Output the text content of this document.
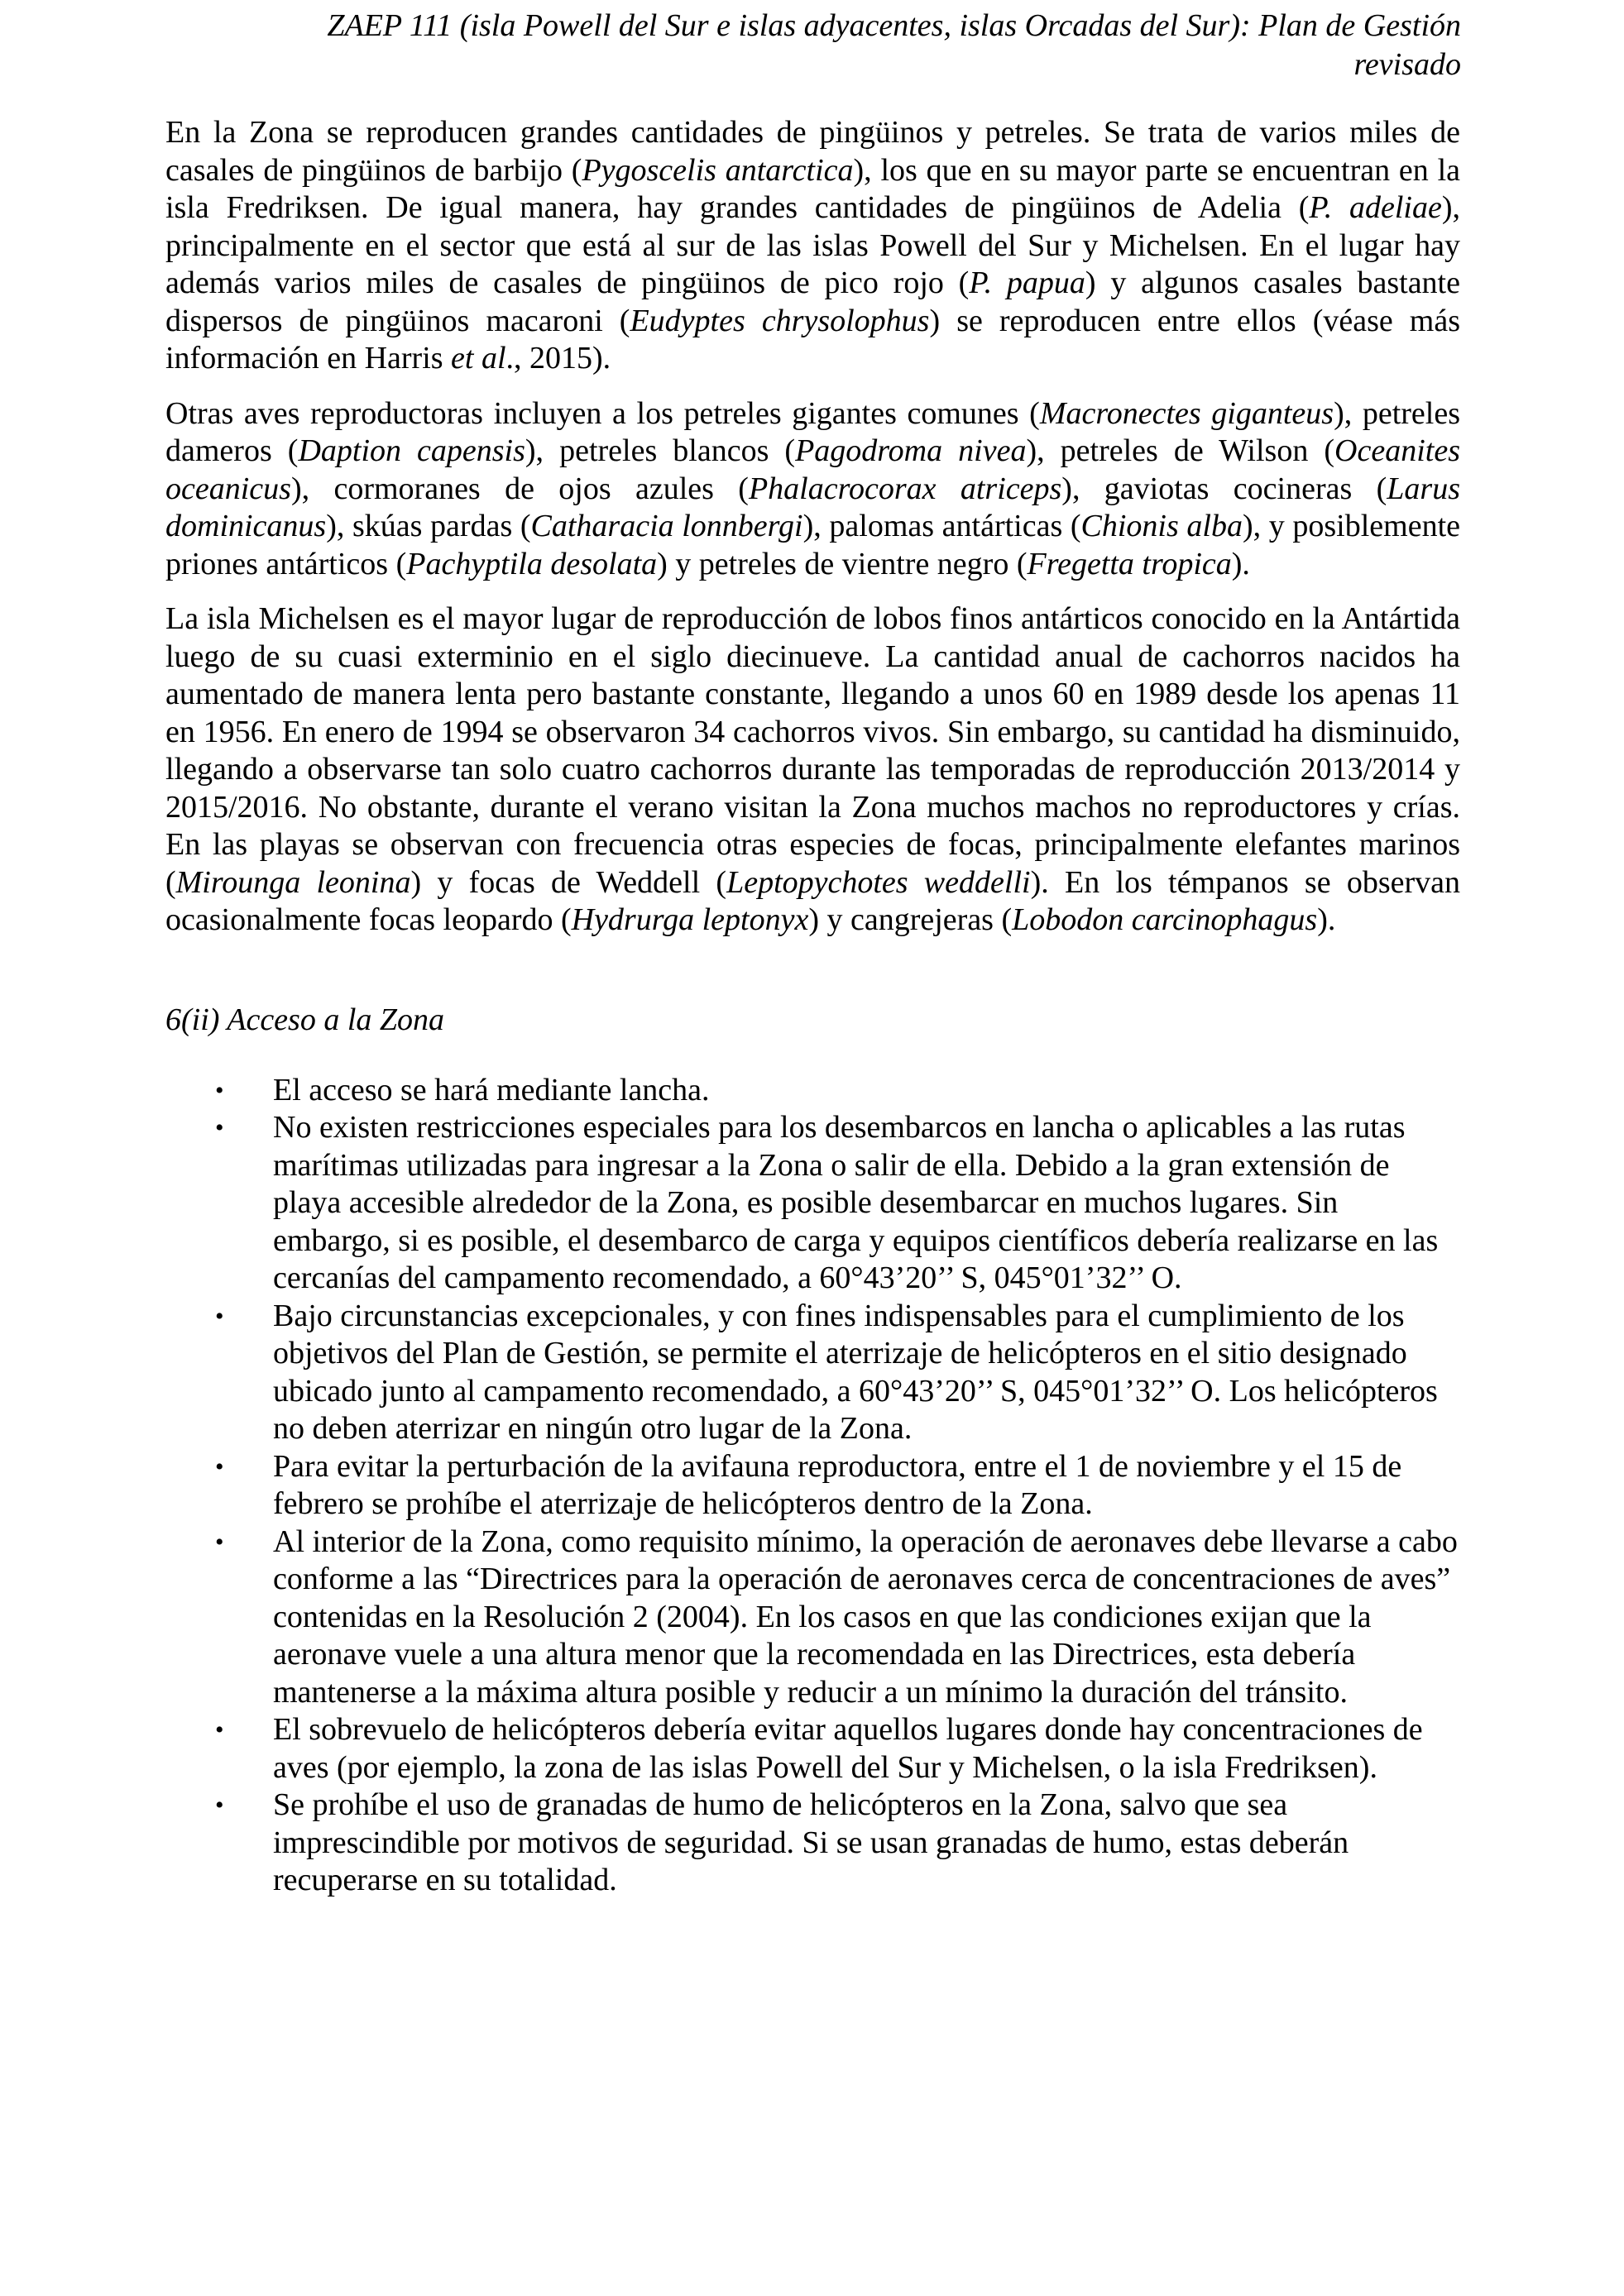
ZAEP 111 (isla Powell del Sur e islas adyacentes, islas Orcadas del Sur): Plan de Gestión
revisado

En la Zona se reproducen grandes cantidades de pingüinos y petreles. Se trata de varios miles de casales de pingüinos de barbijo (Pygoscelis antarctica), los que en su mayor parte se encuentran en la isla Fredriksen. De igual manera, hay grandes cantidades de pingüinos de Adelia (P. adeliae), principalmente en el sector que está al sur de las islas Powell del Sur y Michelsen. En el lugar hay además varios miles de casales de pingüinos de pico rojo (P. papua) y algunos casales bastante dispersos de pingüinos macaroni (Eudyptes chrysolophus) se reproducen entre ellos (véase más información en Harris et al., 2015).

Otras aves reproductoras incluyen a los petreles gigantes comunes (Macronectes giganteus), petreles dameros (Daption capensis), petreles blancos (Pagodroma nivea), petreles de Wilson (Oceanites oceanicus), cormoranes de ojos azules (Phalacrocorax atriceps), gaviotas cocineras (Larus dominicanus), skúas pardas (Catharacia lonnbergi), palomas antárticas (Chionis alba), y posiblemente priones antárticos (Pachyptila desolata) y petreles de vientre negro (Fregetta tropica).

La isla Michelsen es el mayor lugar de reproducción de lobos finos antárticos conocido en la Antártida luego de su cuasi exterminio en el siglo diecinueve. La cantidad anual de cachorros nacidos ha aumentado de manera lenta pero bastante constante, llegando a unos 60 en 1989 desde los apenas 11 en 1956. En enero de 1994 se observaron 34 cachorros vivos. Sin embargo, su cantidad ha disminuido, llegando a observarse tan solo cuatro cachorros durante las temporadas de reproducción 2013/2014 y 2015/2016. No obstante, durante el verano visitan la Zona muchos machos no reproductores y crías. En las playas se observan con frecuencia otras especies de focas, principalmente elefantes marinos (Mirounga leonina) y focas de Weddell (Leptopychotes weddelli). En los témpanos se observan ocasionalmente focas leopardo (Hydrurga leptonyx) y cangrejeras (Lobodon carcinophagus).

6(ii) Acceso a la Zona
• El acceso se hará mediante lancha.
• No existen restricciones especiales para los desembarcos en lancha o aplicables a las rutas marítimas utilizadas para ingresar a la Zona o salir de ella. Debido a la gran extensión de playa accesible alrededor de la Zona, es posible desembarcar en muchos lugares. Sin embargo, si es posible, el desembarco de carga y equipos científicos debería realizarse en las cercanías del campamento recomendado, a 60°43’20’’ S, 045°01’32’’ O.
• Bajo circunstancias excepcionales, y con fines indispensables para el cumplimiento de los objetivos del Plan de Gestión, se permite el aterrizaje de helicópteros en el sitio designado ubicado junto al campamento recomendado, a 60°43’20’’ S, 045°01’32’’ O. Los helicópteros no deben aterrizar en ningún otro lugar de la Zona.
• Para evitar la perturbación de la avifauna reproductora, entre el 1 de noviembre y el 15 de febrero se prohíbe el aterrizaje de helicópteros dentro de la Zona.
• Al interior de la Zona, como requisito mínimo, la operación de aeronaves debe llevarse a cabo conforme a las “Directrices para la operación de aeronaves cerca de concentraciones de aves” contenidas en la Resolución 2 (2004). En los casos en que las condiciones exijan que la aeronave vuele a una altura menor que la recomendada en las Directrices, esta debería mantenerse a la máxima altura posible y reducir a un mínimo la duración del tránsito.
• El sobrevuelo de helicópteros debería evitar aquellos lugares donde hay concentraciones de aves (por ejemplo, la zona de las islas Powell del Sur y Michelsen, o la isla Fredriksen).
• Se prohíbe el uso de granadas de humo de helicópteros en la Zona, salvo que sea imprescindible por motivos de seguridad. Si se usan granadas de humo, estas deberán recuperarse en su totalidad.
